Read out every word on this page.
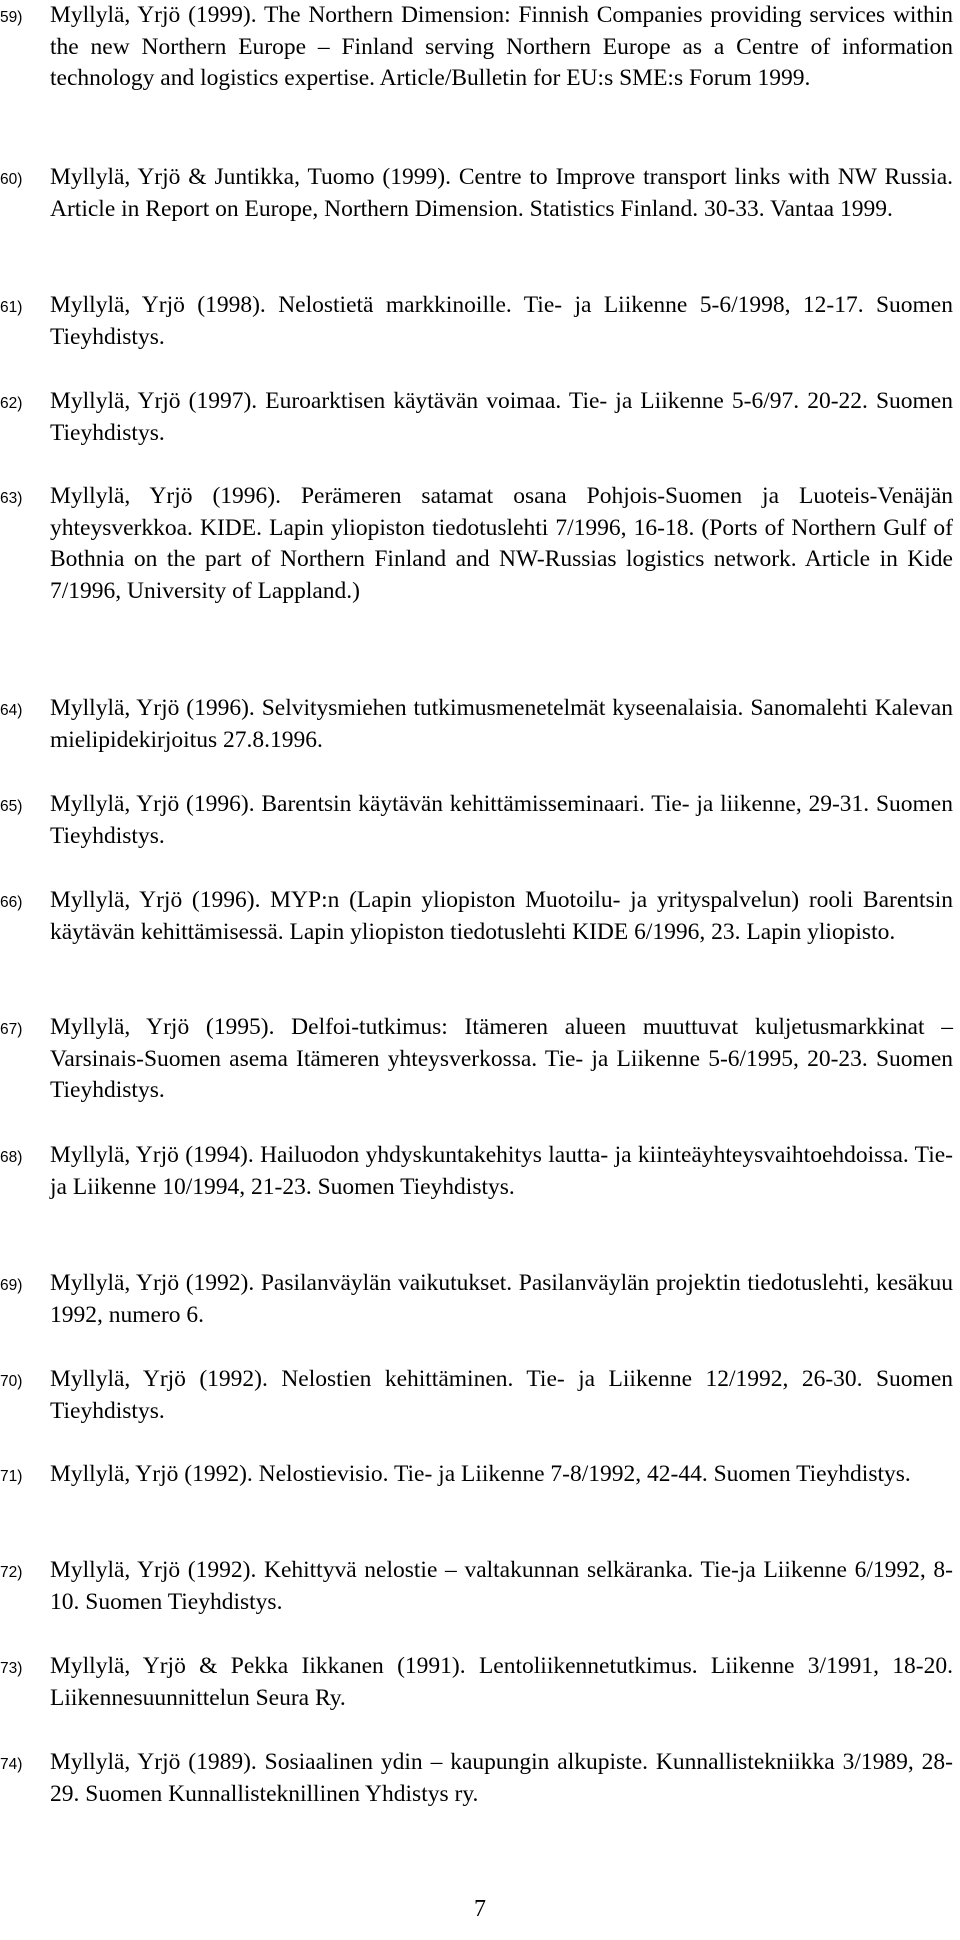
59)	Myllylä, Yrjö (1999). The Northern Dimension: Finnish Companies providing services within the new Northern Europe – Finland serving Northern Europe as a Centre of information technology and logistics expertise. Article/Bulletin for EU:s SME:s Forum 1999.
60)	Myllylä, Yrjö & Juntikka, Tuomo (1999). Centre to Improve transport links with NW Russia. Article in Report on Europe, Northern Dimension. Statistics Finland. 30-33. Vantaa 1999.
61)	Myllylä, Yrjö (1998). Nelostietä markkinoille. Tie- ja Liikenne 5-6/1998, 12-17. Suomen Tieyhdistys.
62)	Myllylä, Yrjö (1997). Euroarktisen käytävän voimaa. Tie- ja Liikenne 5-6/97. 20-22. Suomen Tieyhdistys.
63)	Myllylä, Yrjö (1996). Perämeren satamat osana Pohjois-Suomen ja Luoteis-Venäjän yhteysverkkoa. KIDE. Lapin yliopiston tiedotuslehti 7/1996, 16-18. (Ports of Northern Gulf of Bothnia on the part of Northern Finland and NW-Russias logistics network. Article in Kide 7/1996, University of Lappland.)
64)	Myllylä, Yrjö (1996). Selvitysmiehen tutkimusmenetelmät kyseenalaisia. Sanomalehti Kalevan mielipidekirjoitus 27.8.1996.
65)	Myllylä, Yrjö (1996). Barentsin käytävän kehittämisseminaari. Tie- ja liikenne, 29-31. Suomen Tieyhdistys.
66)	Myllylä, Yrjö (1996). MYP:n (Lapin yliopiston Muotoilu- ja yrityspalvelun) rooli Barentsin käytävän kehittämisessä. Lapin yliopiston tiedotuslehti KIDE 6/1996, 23. Lapin yliopisto.
67)	Myllylä, Yrjö (1995). Delfoi-tutkimus: Itämeren alueen muuttuvat kuljetusmarkkinat – Varsinais-Suomen asema Itämeren yhteysverkossa. Tie- ja Liikenne 5-6/1995, 20-23. Suomen Tieyhdistys.
68)	Myllylä, Yrjö (1994). Hailuodon yhdyskuntakehitys lautta- ja kiinteäyhteysvaihtoehdoissa. Tie- ja Liikenne 10/1994, 21-23. Suomen Tieyhdistys.
69)	Myllylä, Yrjö (1992). Pasilanväylän vaikutukset. Pasilanväylän projektin tiedotuslehti, kesäkuu 1992, numero 6.
70)	Myllylä, Yrjö (1992). Nelostien kehittäminen. Tie- ja Liikenne 12/1992, 26-30. Suomen Tieyhdistys.
71)	Myllylä, Yrjö (1992). Nelostievisio. Tie- ja Liikenne 7-8/1992, 42-44. Suomen Tieyhdistys.
72)	Myllylä, Yrjö (1992). Kehittyvä nelostie – valtakunnan selkäranka. Tie-ja Liikenne 6/1992, 8-10. Suomen Tieyhdistys.
73)	Myllylä, Yrjö & Pekka Iikkanen (1991). Lentoliikennetutkimus. Liikenne 3/1991, 18-20. Liikennesuunnittelun Seura Ry.
74)	Myllylä, Yrjö (1989). Sosiaalinen ydin – kaupungin alkupiste. Kunnallistekniikka 3/1989, 28-29. Suomen Kunnallisteknillinen Yhdistys ry.
7
